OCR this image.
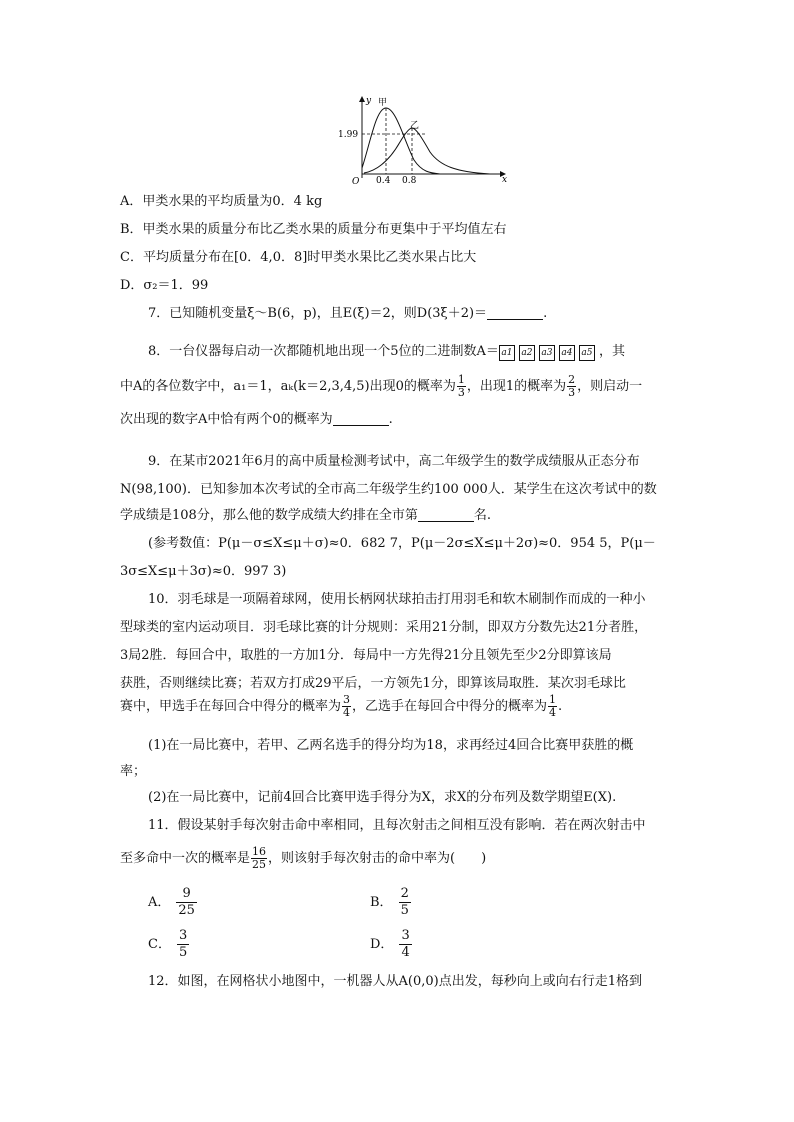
y
x
O
甲
乙
1.99
0.4 0.8
A．甲类水果的平均质量为0．4 kg
B．甲类水果的质量分布比乙类水果的质量分布更集中于平均值左右
C．平均质量分布在[0．4,0．8]时甲类水果比乙类水果占比大
D．σ₂＝1．99
7．已知随机变量ξ～B(6，p)，且E(ξ)＝2，则D(3ξ＋2)＝	.
8．一台仪器每启动一次都随机地出现一个5位的二进制数A＝ a1 a2 a3 a4 a5 ，其
中A的各位数字中，a₁＝1，aₖ(k＝2,3,4,5)出现0的概率为 $\frac{1}{3}$ ，出现1的概率为 $\frac{2}{3}$ ，则启动一
次出现的数字A中恰有两个0的概率为	.
9．在某市2021年6月的高中质量检测考试中，高二年级学生的数学成绩服从正态分布
N(98,100)．已知参加本次考试的全市高二年级学生约100 000人．某学生在这次考试中的数
学成绩是108分，那么他的数学成绩大约排在全市第	名.
(参考数值：P(μ－σ≤X≤μ＋σ)≈0．682 7，P(μ－2σ≤X≤μ＋2σ)≈0．954 5，P(μ－
3σ≤X≤μ＋3σ)≈0．997 3)
10．羽毛球是一项隔着球网，使用长柄网状球拍击打用羽毛和软木刷制作而成的一种小
型球类的室内运动项目．羽毛球比赛的计分规则：采用21分制，即双方分数先达21分者胜，
3局2胜．每回合中，取胜的一方加1分．每局中一方先得21分且领先至少2分即算该局
获胜，否则继续比赛；若双方打成29平后，一方领先1分，即算该局取胜．某次羽毛球比
赛中，甲选手在每回合中得分的概率为 $\frac{3}{4}$ ，乙选手在每回合中得分的概率为 $\frac{1}{4}$ .
(1)在一局比赛中，若甲、乙两名选手的得分均为18，求再经过4回合比赛甲获胜的概
率；
(2)在一局比赛中，记前4回合比赛甲选手得分为X，求X的分布列及数学期望E(X).
11．假设某射手每次射击命中率相同，且每次射击之间相互没有影响．若在两次射击中
至多命中一次的概率是 $\frac{16}{25}$ ，则该射手每次射击的命中率为(　　)
A． $\frac{9}{25}$	B． $\frac{2}{5}$
C． $\frac{3}{5}$	D． $\frac{3}{4}$
12．如图，在网格状小地图中，一机器人从A(0,0)点出发，每秒向上或向右行走1格到
